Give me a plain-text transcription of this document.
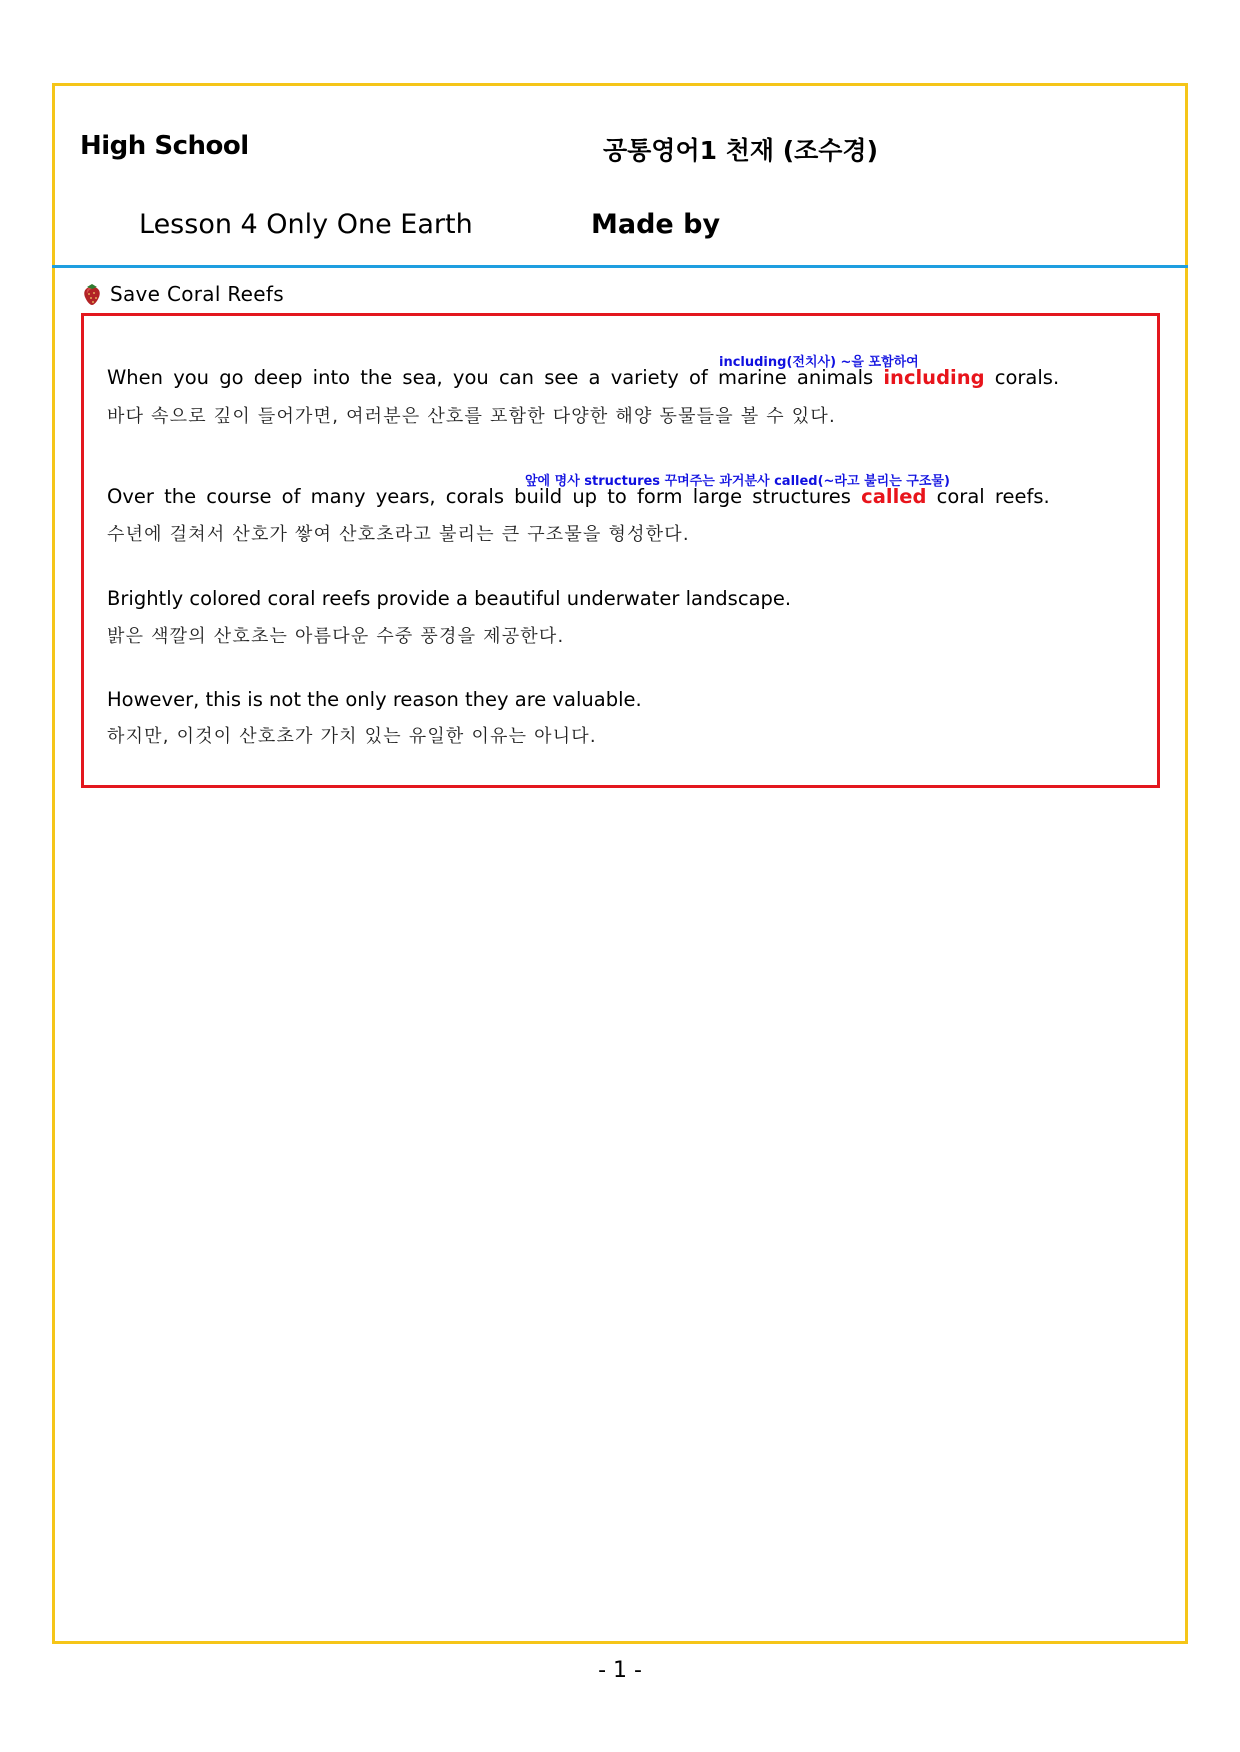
High School	공통영어1 천재 (조수경)
Lesson 4 Only One Earth	Made by
Save Coral Reefs
including(전치사) ~을 포함하여
When you go deep into the sea, you can see a variety of marine animals including corals.
바다 속으로 깊이 들어가면, 여러분은 산호를 포함한 다양한 해양 동물들을 볼 수 있다.
앞에 명사 structures 꾸며주는 과거분사 called(~라고 불리는 구조물)
Over the course of many years, corals build up to form large structures called coral reefs.
수년에 걸쳐서 산호가 쌓여 산호초라고 불리는 큰 구조물을 형성한다.
Brightly colored coral reefs provide a beautiful underwater landscape.
밝은 색깔의 산호초는 아름다운 수중 풍경을 제공한다.
However, this is not the only reason they are valuable.
하지만, 이것이 산호초가 가치 있는 유일한 이유는 아니다.
- 1 -
